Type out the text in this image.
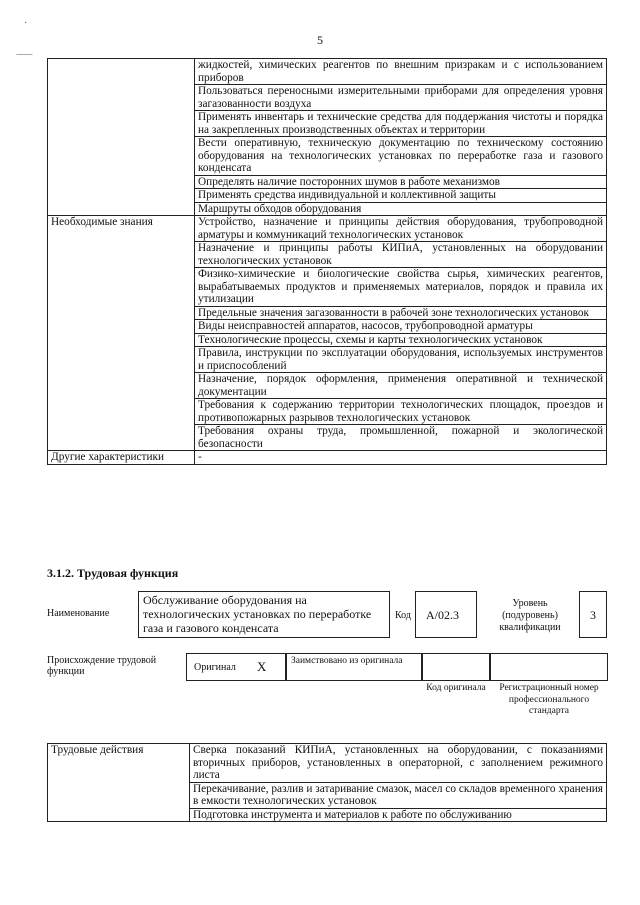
5
·
⸺
	жидкостей, химических реагентов по внешним призракам и с использованием приборов
	Пользоваться переносными измерительными приборами для определения уровня загазованности воздуха
	Применять инвентарь и технические средства для поддержания чистоты и порядка на закрепленных производственных объектах и территории
	Вести оперативную, техническую документацию по техническому состоянию оборудования на технологических установках по переработке газа и газового конденсата
	Определять наличие посторонних шумов в работе механизмов
	Применять средства индивидуальной и коллективной защиты
	Маршруты обходов оборудования
Необходимые знания	Устройство, назначение и принципы действия оборудования, трубопроводной арматуры и коммуникаций технологических установок
	Назначение и принципы работы КИПиА, установленных на оборудовании технологических установок
	Физико-химические и биологические свойства сырья, химических реагентов, вырабатываемых продуктов и применяемых материалов, порядок и правила их утилизации
	Предельные значения загазованности в рабочей зоне технологических установок
	Виды неисправностей аппаратов, насосов, трубопроводной арматуры
	Технологические процессы, схемы и карты технологических установок
	Правила, инструкции по эксплуатации оборудования, используемых инструментов и приспособлений
	Назначение, порядок оформления, применения оперативной и технической документации
	Требования к содержанию территории технологических площадок, проездов и противопожарных разрывов технологических установок
	Требования охраны труда, промышленной, пожарной и экологической безопасности
Другие характеристики	-
3.1.2. Трудовая функция
Наименование
Обслуживание оборудования на технологических установках по переработке газа и газового конденсата
Код	А/02.3
Уровень (подуровень) квалификации
3
Происхождение трудовой функции	Оригинал X	Заимствовано из оригинала
Код оригинала	Регистрационный номер профессионального стандарта
Трудовые действия	Сверка показаний КИПиА, установленных на оборудовании, с показаниями вторичных приборов, установленных в операторной, с заполнением режимного листа
Перекачивание, разлив и затаривание смазок, масел со складов временного хранения в емкости технологических установок
Подготовка инструмента и материалов к работе по обслуживанию
